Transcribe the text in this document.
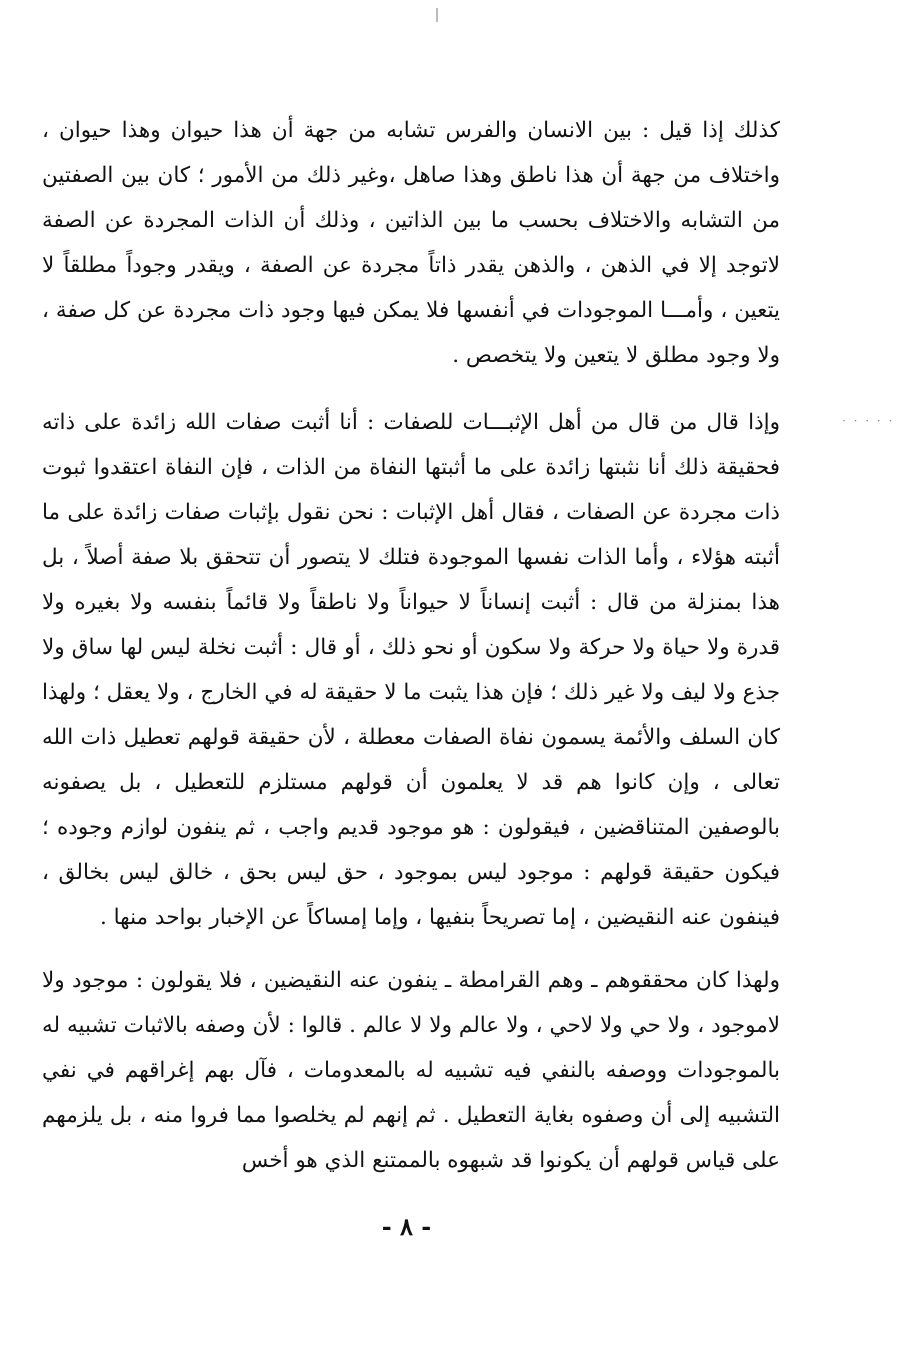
كذلك إذا قيل : بين الانسان والفرس تشابه من جهة أن هذا حيوان وهذا حيوان ، واختلاف من جهة أن هذا ناطق وهذا صاهل ،وغير ذلك من الأمور ؛ كان بين الصفتين من التشابه والاختلاف بحسب ما بين الذاتين ، وذلك أن الذات المجردة عن الصفة لاتوجد إلا في الذهن ، والذهن يقدر ذاتاً مجردة عن الصفة ، ويقدر وجوداً مطلقاً لا يتعين ، وأمـــا الموجودات في أنفسها فلا يمكن فيها وجود ذات مجردة عن كل صفة ، ولا وجود مطلق لا يتعين ولا يتخصص .

وإذا قال من قال من أهل الإثبـــات للصفات : أنا أثبت صفات الله زائدة على ذاته فحقيقة ذلك أنا نثبتها زائدة على ما أثبتها النفاة من الذات ، فإن النفاة اعتقدوا ثبوت ذات مجردة عن الصفات ، فقال أهل الإثبات : نحن نقول بإثبات صفات زائدة على ما أثبته هؤلاء ، وأما الذات نفسها الموجودة فتلك لا يتصور أن تتحقق بلا صفة أصلاً ، بل هذا بمنزلة من قال : أثبت إنساناً لا حيواناً ولا ناطقاً ولا قائماً بنفسه ولا بغيره ولا قدرة ولا حياة ولا حركة ولا سكون أو نحو ذلك ، أو قال : أثبت نخلة ليس لها ساق ولا جذع ولا ليف ولا غير ذلك ؛ فإن هذا يثبت ما لا حقيقة له في الخارج ، ولا يعقل ؛ ولهذا كان السلف والأئمة يسمون نفاة الصفات معطلة ، لأن حقيقة قولهم تعطيل ذات الله تعالى ، وإن كانوا هم قد لا يعلمون أن قولهم مستلزم للتعطيل ، بل يصفونه بالوصفين المتناقضين ، فيقولون : هو موجود قديم واجب ، ثم ينفون لوازم وجوده ؛ فيكون حقيقة قولهم : موجود ليس بموجود ، حق ليس بحق ، خالق ليس بخالق ، فينفون عنه النقيضين ، إما تصريحاً بنفيها ، وإما إمساكاً عن الإخبار بواحد منها .

ولهذا كان محققوهم ـ وهم القرامطة ـ ينفون عنه النقيضين ، فلا يقولون : موجود ولا لاموجود ، ولا حي ولا لاحي ، ولا عالم ولا لا عالم . قالوا : لأن وصفه بالاثبات تشبيه له بالموجودات ووصفه بالنفي فيه تشبيه له بالمعدومات ، فآل بهم إغراقهم في نفي التشبيه إلى أن وصفوه بغاية التعطيل . ثم إنهم لم يخلصوا مما فروا منه ، بل يلزمهم على قياس قولهم أن يكونوا قد شبهوه بالممتنع الذي هو أخس

· · · · ·
- ٨ -
